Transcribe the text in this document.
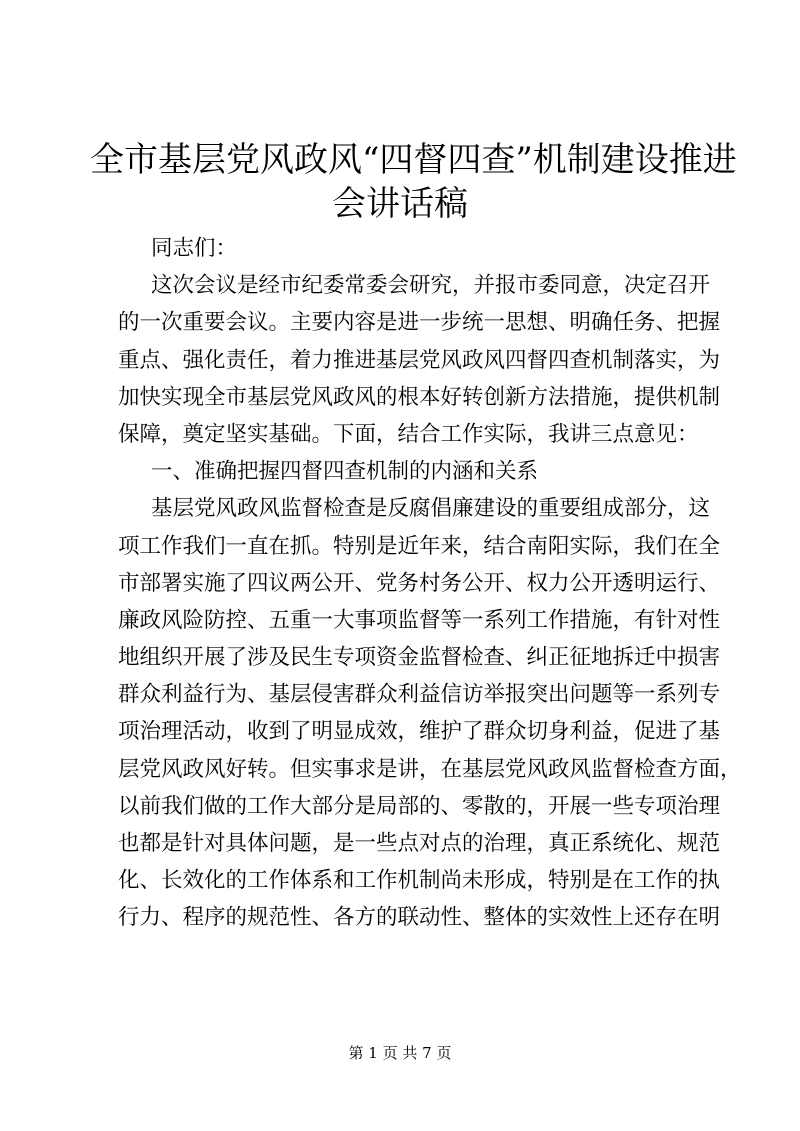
全市基层党风政风“四督四查”机制建设推进
会讲话稿
同志们：
这次会议是经市纪委常委会研究，并报市委同意，决定召开
的一次重要会议。主要内容是进一步统一思想、明确任务、把握
重点、强化责任，着力推进基层党风政风四督四查机制落实，为
加快实现全市基层党风政风的根本好转创新方法措施，提供机制
保障，奠定坚实基础。下面，结合工作实际，我讲三点意见：
一、准确把握四督四查机制的内涵和关系
基层党风政风监督检查是反腐倡廉建设的重要组成部分，这
项工作我们一直在抓。特别是近年来，结合南阳实际，我们在全
市部署实施了四议两公开、党务村务公开、权力公开透明运行、
廉政风险防控、五重一大事项监督等一系列工作措施，有针对性
地组织开展了涉及民生专项资金监督检查、纠正征地拆迁中损害
群众利益行为、基层侵害群众利益信访举报突出问题等一系列专
项治理活动，收到了明显成效，维护了群众切身利益，促进了基
层党风政风好转。但实事求是讲，在基层党风政风监督检查方面，
以前我们做的工作大部分是局部的、零散的，开展一些专项治理
也都是针对具体问题，是一些点对点的治理，真正系统化、规范
化、长效化的工作体系和工作机制尚未形成，特别是在工作的执
行力、程序的规范性、各方的联动性、整体的实效性上还存在明
第 1 页 共 7 页
